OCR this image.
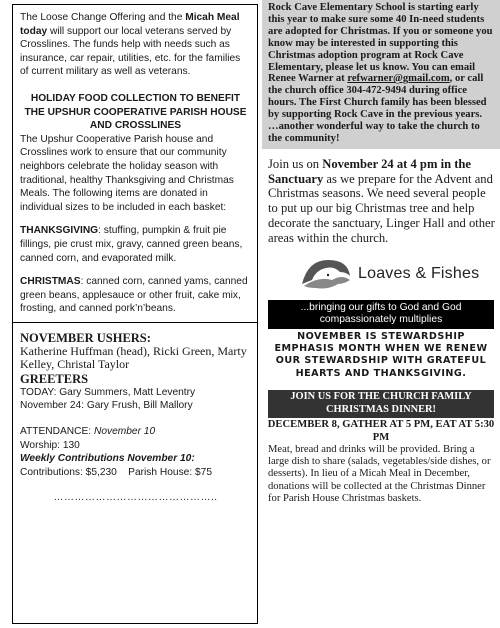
The Loose Change Offering and the Micah Meal today will support our local veterans served by Crosslines. The funds help with needs such as insurance, car repair, utilities, etc. for the families of current military as well as veterans.

HOLIDAY FOOD COLLECTION TO BENEFIT THE UPSHUR COOPERATIVE PARISH HOUSE AND CROSSLINES

The Upshur Cooperative Parish house and Crosslines work to ensure that our community neighbors celebrate the holiday season with traditional, healthy Thanksgiving and Christmas Meals. The following items are donated in individual sizes to be included in each basket:

THANKSGIVING: stuffing, pumpkin & fruit pie fillings, pie crust mix, gravy, canned green beans, canned corn, and evaporated milk.

CHRISTMAS: canned corn, canned yams, canned green beans, applesauce or other fruit, cake mix, frosting, and canned pork’n’beans.

NOVEMBER USHERS:

Katherine Huffman (head), Ricki Green, Marty Kelley, Christal Taylor

GREETERS

TODAY: Gary Summers, Matt Leventry

November 24: Gary Frush, Bill Mallory

ATTENDANCE: November 10

Worship: 130

Weekly Contributions November 10:

Contributions: $5,230    Parish House: $75

………………………………………..

Rock Cave Elementary School is starting early this year to make sure some 40 In-need students are adopted for Christmas. If you or someone you know may be interested in supporting this Christmas adoption program at Rock Cave Elementary, please let us know. You can email Renee Warner at refwarner@gmail.com, or call the church office 304-472-9494 during office hours. The First Church family has been blessed by supporting Rock Cave in the previous years. …another wonderful way to take the church to the community!

Join us on November 24 at 4 pm in the Sanctuary as we prepare for the Advent and Christmas seasons. We need several people to put up our big Christmas tree and help decorate the sanctuary, Linger Hall and other areas within the church.

Loaves & Fishes
...bringing our gifts to God and God compassionately multiplies

NOVEMBER IS STEWARDSHIP EMPHASIS MONTH WHEN WE RENEW OUR STEWARDSHIP WITH GRATEFUL HEARTS AND THANKSGIVING.

JOIN US FOR THE CHURCH FAMILY CHRISTMAS DINNER!

DECEMBER 8, GATHER AT 5 PM, EAT AT 5:30 PM

Meat, bread and drinks will be provided. Bring a large dish to share (salads, vegetables/side dishes, or desserts). In lieu of a Micah Meal in December, donations will be collected at the Christmas Dinner for Parish House Christmas baskets.
